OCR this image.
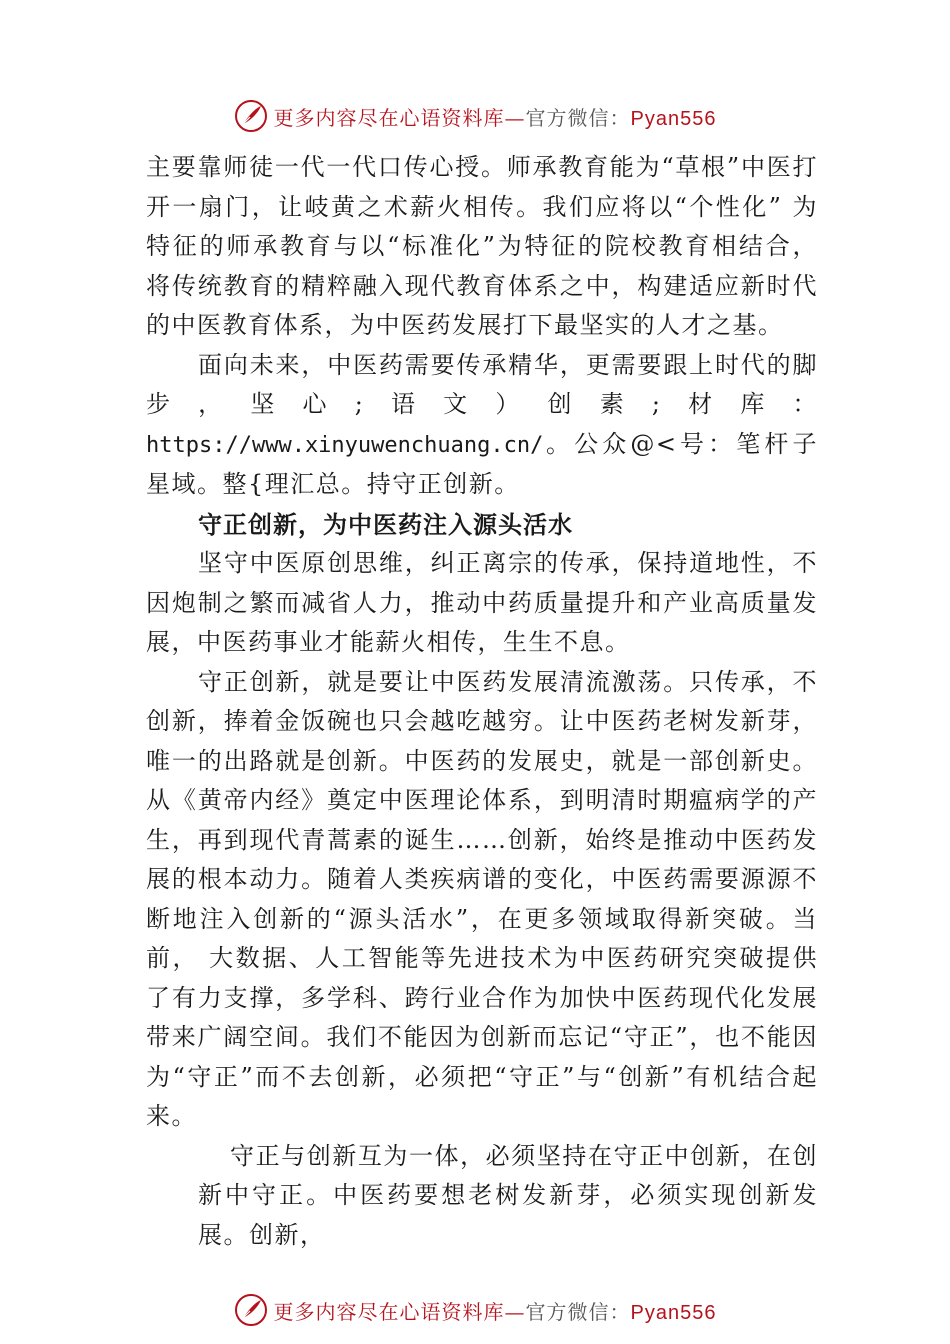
更多内容尽在心语资料库—官方微信：Pyan556

主要靠师徒一代一代口传心授。师承教育能为“草根”中医打开一扇门，让岐黄之术薪火相传。我们应将以“个性化” 为特征的师承教育与以“标准化”为特征的院校教育相结合， 将传统教育的精粹融入现代教育体系之中，构建适应新时代的中医教育体系，为中医药发展打下最坚实的人才之基。

面向未来，中医药需要传承精华，更需要跟上时代的脚步，坚心;语文）创素;材库：https://www.xinyuwenchuang.cn/。公众@<号：笔杆子星域。整{理汇总。持守正创新。

守正创新，为中医药注入源头活水

坚守中医原创思维，纠正离宗的传承，保持道地性，不因炮制之繁而减省人力，推动中药质量提升和产业高质量发展，中医药事业才能薪火相传，生生不息。

守正创新，就是要让中医药发展清流激荡。只传承，不创新，捧着金饭碗也只会越吃越穷。让中医药老树发新芽， 唯一的出路就是创新。中医药的发展史，就是一部创新史。 从《黄帝内经》奠定中医理论体系，到明清时期瘟病学的产生，再到现代青蒿素的诞生……创新，始终是推动中医药发展的根本动力。随着人类疾病谱的变化，中医药需要源源不断地注入创新的“源头活水”，在更多领域取得新突破。当前， 大数据、人工智能等先进技术为中医药研究突破提供了有力支撑，多学科、跨行业合作为加快中医药现代化发展带来广阔空间。我们不能因为创新而忘记“守正”，也不能因为“守正”而不去创新，必须把“守正”与“创新”有机结合起来。

守正与创新互为一体，必须坚持在守正中创新，在创新中守正。中医药要想老树发新芽，必须实现创新发展。创新，

更多内容尽在心语资料库—官方微信：Pyan556
